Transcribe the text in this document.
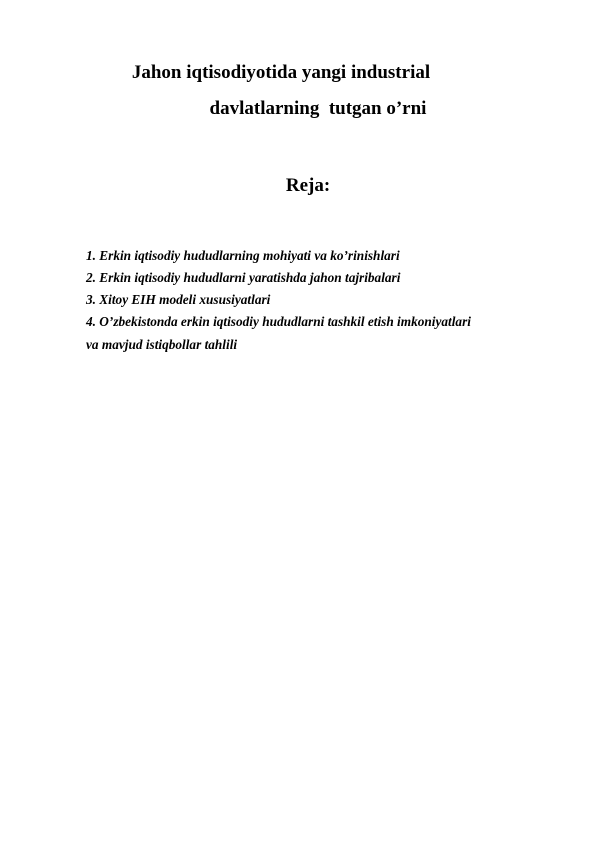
Jahon iqtisodiyotida yangi industrial
davlatlarning  tutgan o’rni
Reja:
1. Erkin iqtisodiy hududlarning mohiyati va ko’rinishlari
2. Erkin iqtisodiy hududlarni yaratishda jahon tajribalari
3. Xitoy EIH modeli xususiyatlari
4. O’zbekistonda erkin iqtisodiy hududlarni tashkil etish imkoniyatlari
va mavjud istiqbollar tahlili
